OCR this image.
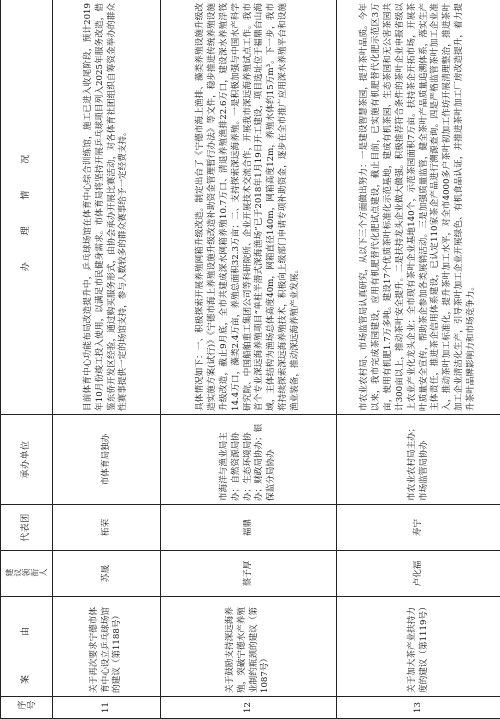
序号	案 由	建议领衔人	代表团	承办单位	办 理 情 况
11	关于再次要求宁德市体育中心设立乒乓球场馆的建议（第1188号）	苏晟	柘荣	市体育局独办	目前体育中心功能布局改造提升中，乒乓球场馆在体育中心综合训练馆，施工已进入收尾阶段，预计2019年10月份竣工投入使用，以满足市民健身需求。市体育局将坚持开展乒乓球项目列入2025年服务改造，借鉴东侨开发区经验，通过购买服务形式，由协会承办开展比赛活动，对各体育社团组织自筹资金举办的群众性赛事提供一定的场馆支持，参与人数较多的群众赛事给予一定经费支持。
12	关于鼓励支持深远海养殖，突破宁德水产养殖业制约瓶颈的建议（第1087号）	蔡子厚	福鼎	市海洋与渔业局主办；自然资源局协办；生态环境局协办；财政局协办；银保监分局协办	具体情况如下：一、积极探索开展养殖网箱升级改造。制定出台了《宁德市海上渔排、藻类养殖设施升级改造实施方案(试行)》《宁德市海上养殖设施升级改造补助资金管理暂行办法》等文件，稳步推进传统养殖设施升级改造，截止9月底，全市共建成深水网箱养殖10.7万口、清退养殖渔排22.6万口，建设深水养殖浮筏14.4万口，藻类2.4万亩，养殖总面积32.3万亩；二、支持探索深远海养殖。一是积极加强与中国水产科学研究院、中国船舶重工集团公司等科研院所、企业开展技术交流合作，开展我市深远海养殖试点工作。我市首个专业深远海养殖项目“单柱半潜式深海渔场”已于2018年1月19日开工建设，项目选址位于福鼎台山海域，主体结构为渔场总体高度40m，网箱直径140m，网箱高度12m，养殖水体约15万m³。下一步，我市将持续探索深远海养殖技术，积极向上级部门申请专项补助资金，逐步在全市推广应用深水养殖平台和设施渔业装备，推动深远海养殖产业发展。
13	关于加大茶产业扶持力度的建议（第1119号）	卢化福	寿宁	市农业农村局主办；市场监管局协办	市农业农村局、市场监管局认真研究，从以下三个方面做出努力：一是建设智慧茶园，提升茶叶品质。今年以来，我市完成茶园建设，应用有机肥替代化肥试点建设，截止目前，已实施有机肥替代化肥示范区3万亩，使用有机肥1.7万多吨。建设17个优质茶叶标准化示范基地，建成有机茶园、生态茶园和无公害茶园共计300亩以上，推动茶叶安全提升。二是扶持龙头企业做大做强。积极推荐符合条件的茶叶企业申报省级以上农业产业化龙头企业；全市现有茶叶企业基地140个，示范茶园面积7万亩。扶持茶企开拓市场，开展茶叶质量安全宣传，帮助茶企参加各类展销活动。三是加强质量监管，健全茶叶产品质量追溯体系，落实生产主体责任，推进茶企信用体系建设，已认定110家茶企产品进行溯源查询。四是严格监管茶叶加工企业准入，推动茶叶加工标准化，提升茶叶加工水平，对全市4000多户茶叶初加工作坊开展清理整治，推进茶叶加工企业清洁化生产，引导茶叶加工企业开展绿色、有机食品认证，并推进茶叶加工厂房改造提升，着力提升茶叶品牌影响力和市场竞争力。
